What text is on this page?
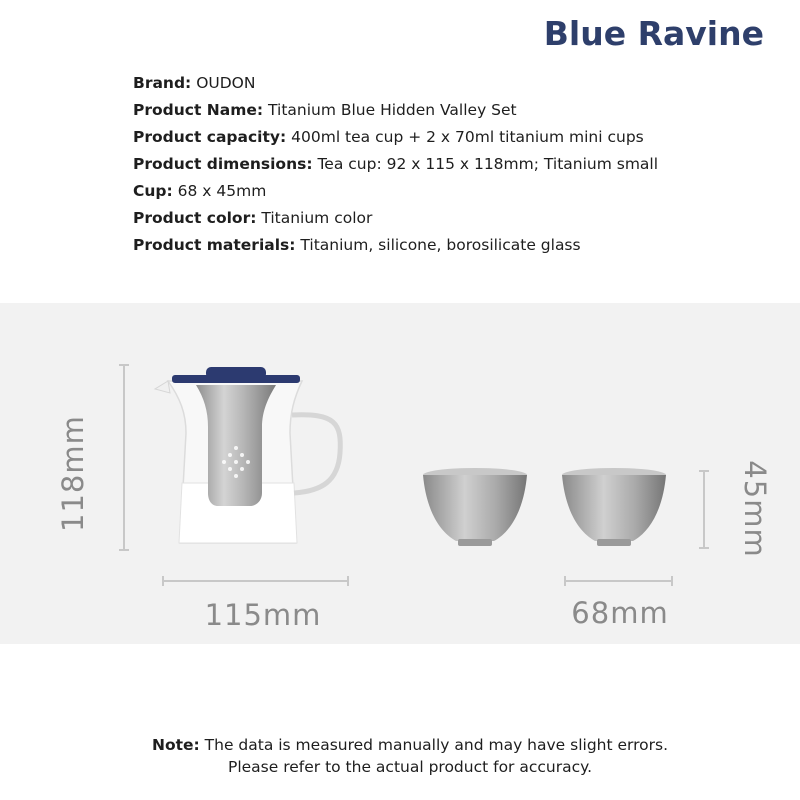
Blue Ravine
Brand: OUDON
Product Name: Titanium Blue Hidden Valley Set
Product capacity: 400ml tea cup + 2 x 70ml titanium mini cups
Product dimensions: Tea cup: 92 x 115 x 118mm; Titanium small
Cup: 68 x 45mm
Product color: Titanium color
Product materials: Titanium, silicone, borosilicate glass
118mm
115mm	68mm
45mm
Note: The data is measured manually and may have slight errors.
Please refer to the actual product for accuracy.
